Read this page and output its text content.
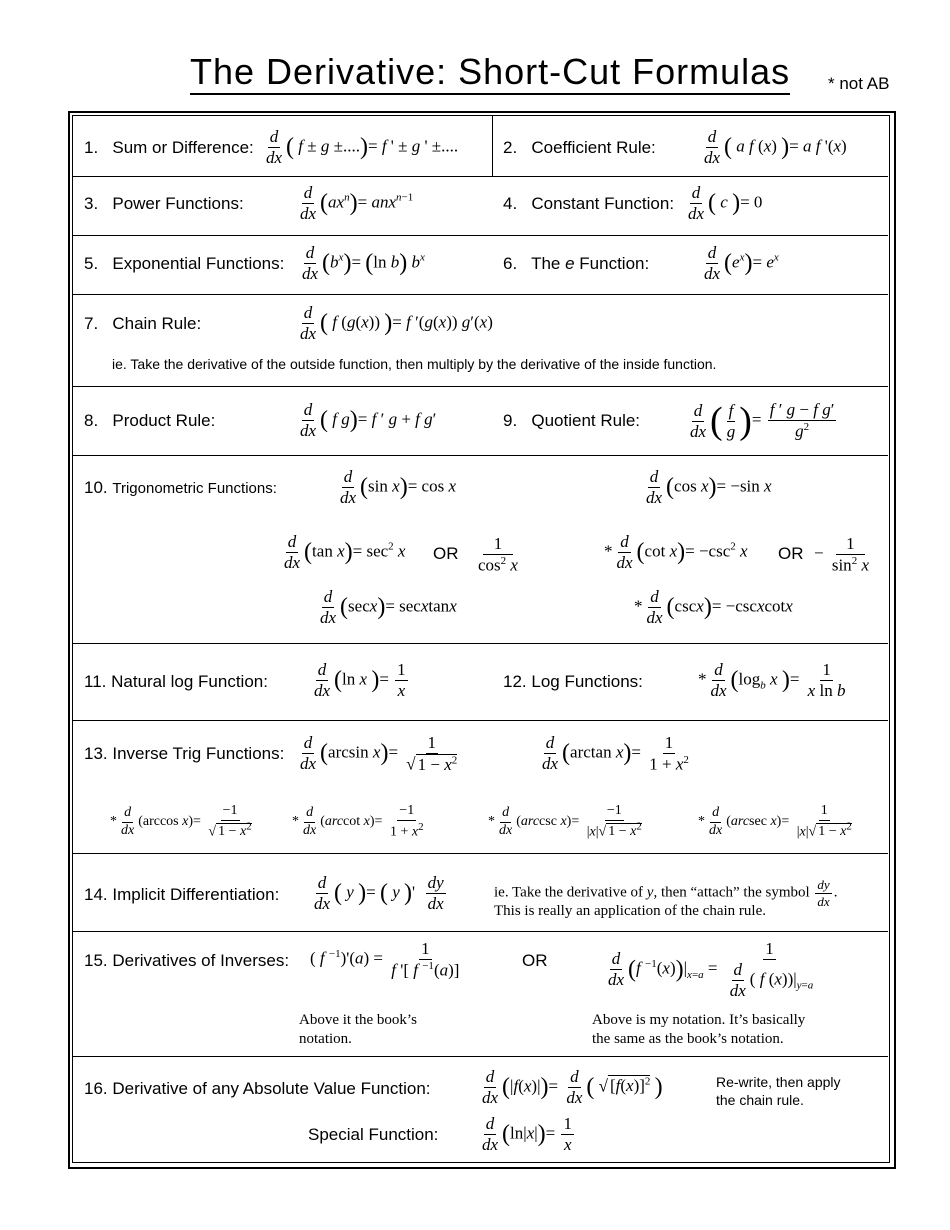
The Derivative: Short-Cut Formulas * not AB
1. Sum or Difference: $\frac{d}{dx}$ ( f ± g ±....)= f ' ± g ' ±....	2. Coefficient Rule:	$\frac{d}{dx}$ ( a f (x) )= a f '(x)
3. Power Functions:	$\frac{d}{dx} (ax^n)= anx^{n-1}$	4. Constant Function: $\frac{d}{dx}$ ( c )= 0
5. Exponential Functions: $\frac{d}{dx} (b^x)= (\ln$ b) $b^x$	6. The e Function:	$\frac{d}{dx} (e^x)= e^x$
7. Chain Rule:	$\frac{d}{dx}$ ( f (g(x)) )= f ′(g(x)) g′(x)
ie. Take the derivative of the outside function, then multiply by the derivative of the inside function.
8. Product Rule:	$\frac{d}{dx}$ ( f g)= f ′ g + f g′	9. Quotient Rule:	$\frac{d}{dx}$ ( $\frac{f}{g}$ )= $\frac{\text{f ′ g − f g′}}{g^2}$
10. Trigonometric Functions:	$\frac{d}{dx} (\sin$ x)= cos x	$\frac{d}{dx} (\cos$ x)= −sin x
$\frac{d}{dx} (\tan$ $x)= \sec^2 x$ OR $\frac{1}{\cos^2 x}$	* $\frac{d}{dx} (\cot$ $x)= -\csc^2$ x OR − $\frac{1}{\sin^2 x}$
$\frac{d}{dx} (\sec x)=$ secxtanx	* $\frac{d}{dx} (\csc x)=$ −cscxcotx
11. Natural log Function:	$\frac{d}{dx} (\ln$ x )= $\frac{1}{x}$	12. Log Functions:	* $\frac{d}{dx} (\log_b$ x )= $\frac{1}{\text{x ln b}}$
13. Inverse Trig Functions: $\frac{d}{dx} (\arcsin$ $x)= \frac{1}{√ 1 - x^2}$	$\frac{d}{dx} (\arctan$ $x)= \frac{1}{1 + x^2}$
* $\frac{d}{dx} (\arccos$ $x)= \frac{-1}{√ 1 - x^2}$	* $\frac{d}{dx} (arccot$ $x)= \frac{-1}{1 + x^2}$	* $\frac{d}{dx} (arccsc$ $x)= \frac{-1}{|x|√ 1 - x^2}$	* $\frac{d}{dx} (arcsec$ $x)= \frac{1}{|x|√ 1 - x^2}$
14. Implicit Differentiation: $\frac{d}{dx}$ ( y )= ( y )' $\frac{dy}{dx}$	ie. Take the derivative of y, then “attach” the symbol $\frac{dy}{dx}$ .
This is really an application of the chain rule.
15. Derivatives of Inverses: ( f $^{-1})'(a) = \frac{1}{f '[ f ^{-1}(a)]}$	OR	$\frac{d}{dx} (f$ $^{-1}(x))|_{x=a} = \frac{1}{\frac{d}{dx} ( f (x))|_{y=a}}$
Above it the book’s
notation.
Above is my notation. It’s basically
the same as the book’s notation.
16. Derivative of any Absolute Value Function:	$\frac{d}{dx} (|f(x)|)= \frac{d}{dx}$ ( √ $[f(x)]^2$ )	Re-write, then apply
the chain rule.
Special Function: $\frac{d}{dx} (\ln|x|)= \frac{1}{x}$
